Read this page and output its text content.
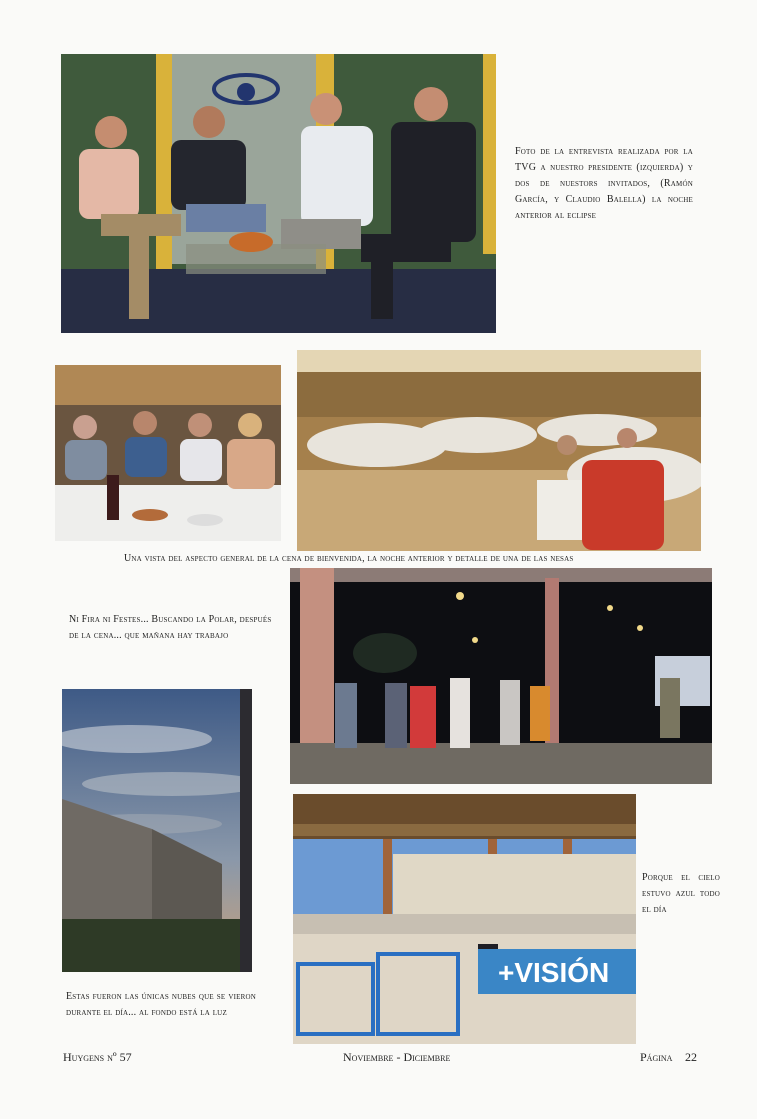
Foto de la entrevista realizada por la TVG a nuestro presidente (izquierda) y dos de nuestors invitados, (Ramón García, y Claudio Balella) la noche anterior al eclipse
Una vista del aspecto general de la cena de bienvenida, la noche anterior y detalle de una de las nesas
Ni Fira ni Festes... Buscando la Polar, después de la cena... que mañana hay trabajo
Estas fueron las únicas nubes que se vieron durante el día... al fondo está la luz
+VISIÓN
Porque el cielo estuvo azul todo el día
Huygens nº 57	Noviembre - Diciembre	Página 22
